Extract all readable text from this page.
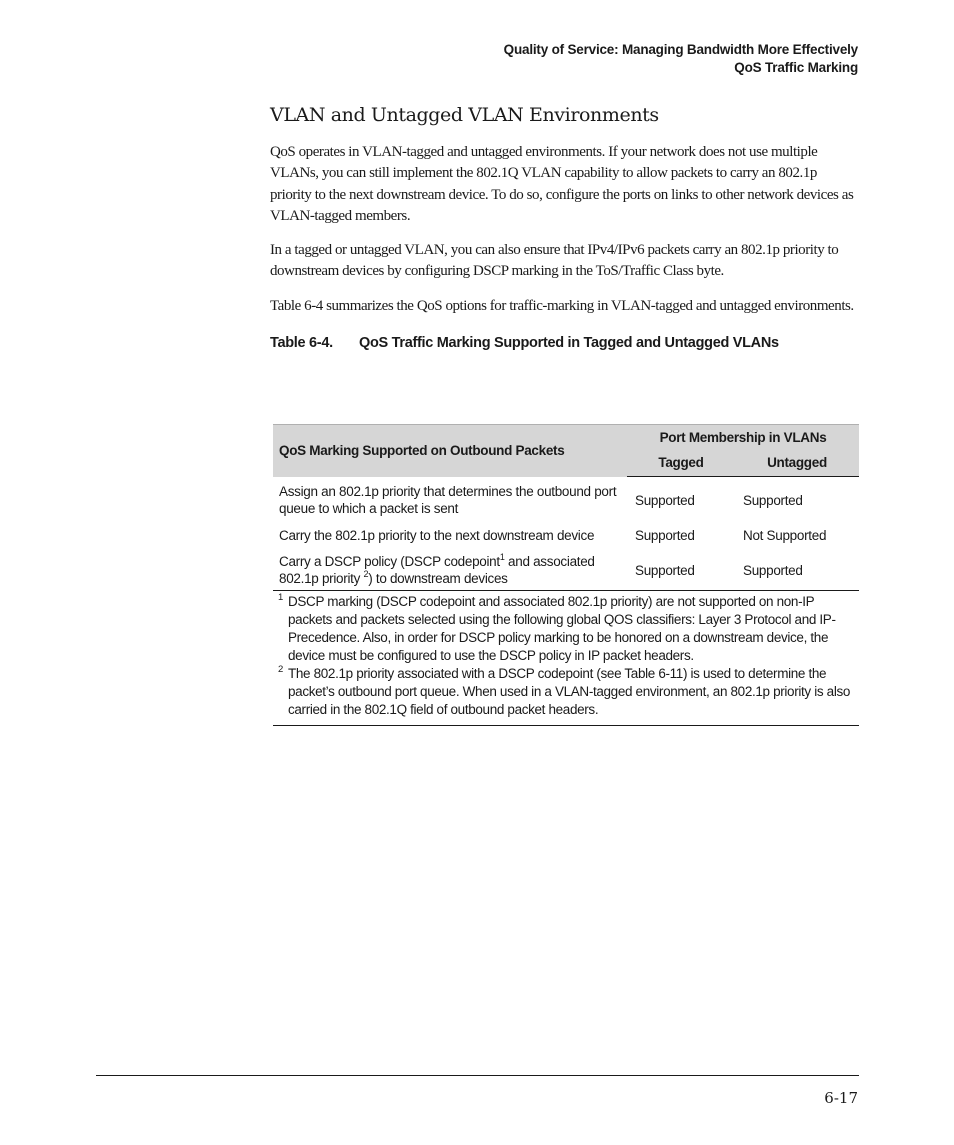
Quality of Service: Managing Bandwidth More Effectively
QoS Traffic Marking
VLAN and Untagged VLAN Environments

QoS operates in VLAN-tagged and untagged environments. If your network does not use multiple VLANs, you can still implement the 802.1Q VLAN capability to allow packets to carry an 802.1p priority to the next downstream device. To do so, configure the ports on links to other network devices as VLAN-tagged members.

In a tagged or untagged VLAN, you can also ensure that IPv4/IPv6 packets carry an 802.1p priority to downstream devices by configuring DSCP marking in the ToS/Traffic Class byte.

Table 6-4 summarizes the QoS options for traffic-marking in VLAN-tagged and untagged environments.

Table 6-4. QoS Traffic Marking Supported in Tagged and Untagged VLANs
QoS Marking Supported on Outbound Packets	Port Membership in VLANs	
	Tagged	Untagged
Assign an 802.1p priority that determines the outbound port queue to which a packet is sent	Supported	Supported
Carry the 802.1p priority to the next downstream device	Supported	Not Supported
Carry a DSCP policy (DSCP codepoint$^1$ and associated 802.1p priority $^2$) to downstream devices	Supported	Supported
1 DSCP marking (DSCP codepoint and associated 802.1p priority) are not supported on non-IP packets and packets selected using the following global QOS classifiers: Layer 3 Protocol and IP-Precedence. Also, in order for DSCP policy marking to be honored on a downstream device, the device must be configured to use the DSCP policy in IP packet headers.
2 The 802.1p priority associated with a DSCP codepoint (see Table 6-11) is used to determine the packet’s outbound port queue. When used in a VLAN-tagged environment, an 802.1p priority is also carried in the 802.1Q field of outbound packet headers.
6-17
